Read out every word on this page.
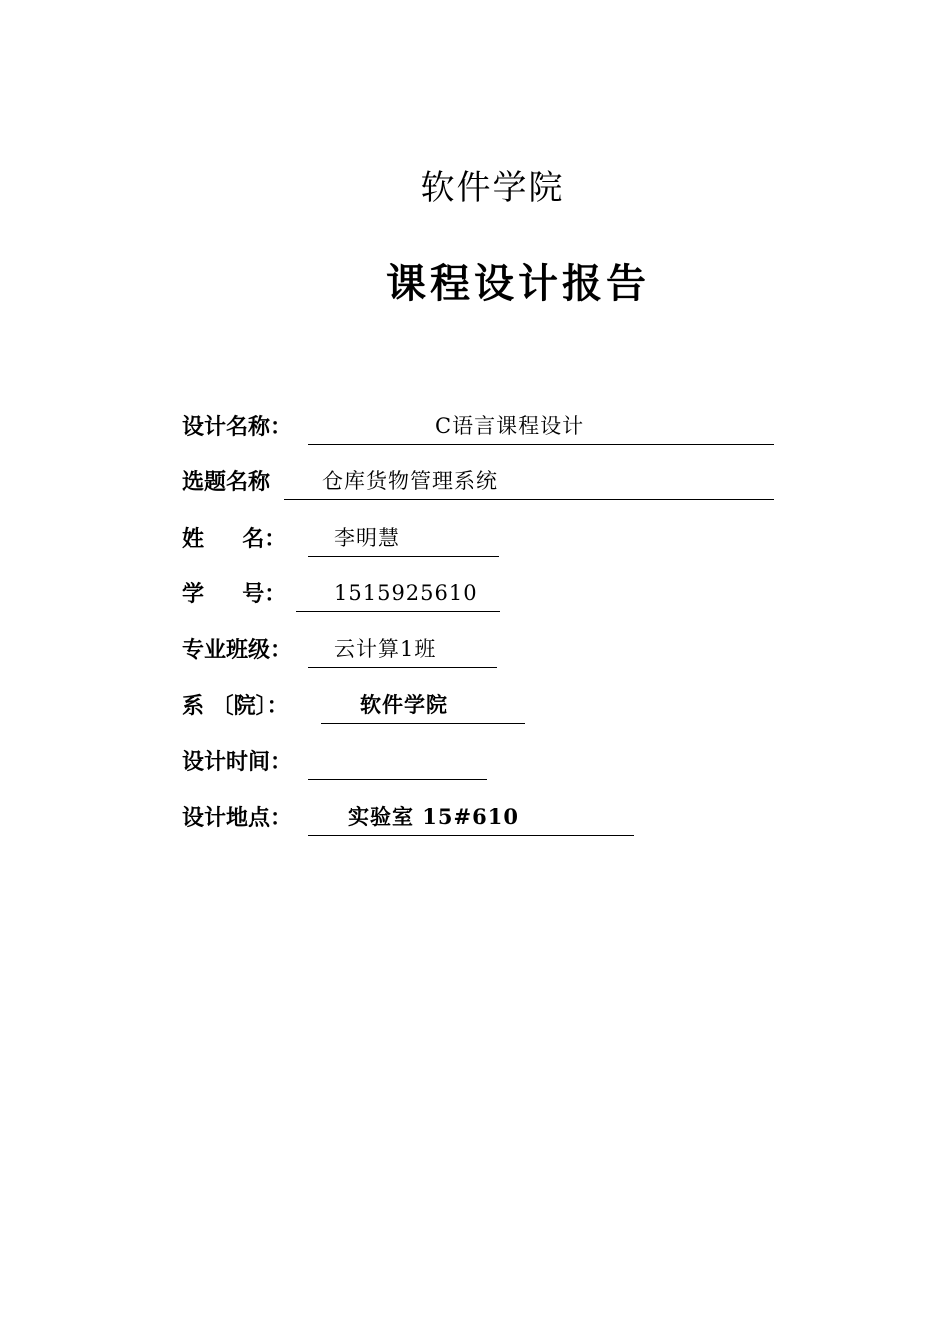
软件学院
课程设计报告
设计名称：	C语言课程设计
选题名称 仓库货物管理系统
姓     名： 李明慧
学     号： 1515925610
专业班级： 云计算1班
系 〔院〕：	软件学院
设计时间：
设计地点：	实验室 15#610
